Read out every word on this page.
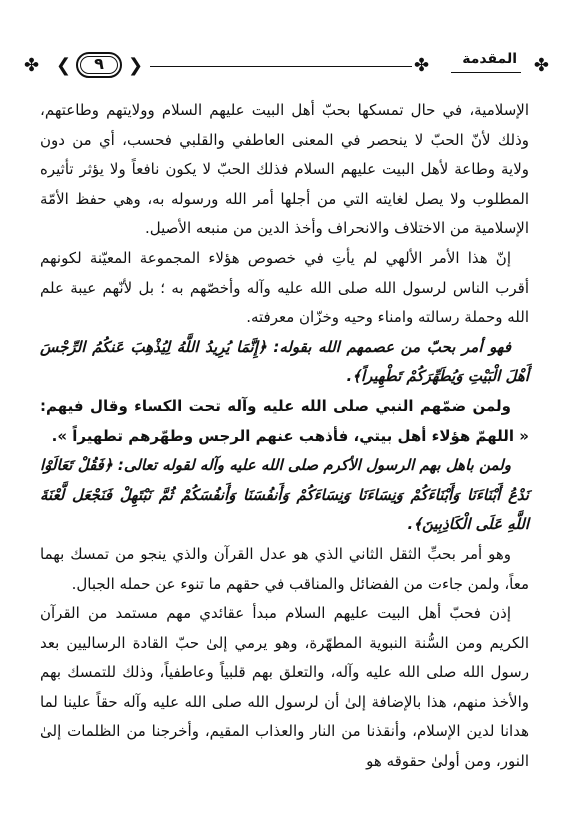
✤ ❮	٩	❯	✤ المقدمة ✤

الإسلامية، في حال تمسكها بحبّ أهل البيت عليهم السلام وولايتهم وطاعتهم، وذلك لأنّ الحبّ لا ينحصر في المعنى العاطفي والقلبي فحسب، أي من دون ولاية وطاعة لأهل البيت عليهم السلام فذلك الحبّ لا يكون نافعاً ولا يؤثر تأثيره المطلوب ولا يصل لغايته التي من أجلها أمر الله ورسوله به، وهي حفظ الأمّة الإسلامية من الاختلاف والانحراف وأخذ الدين من منبعه الأصيل.

إنّ هذا الأمر الألهي لم يأتِ في خصوص هؤلاء المجموعة المعيّنة لكونهم أقرب الناس لرسول الله صلى الله عليه وآله وأخصّهم به ؛ بل لأنّهم عيبة علم الله وحملة رسالته وامناء وحيه وخزّان معرفته.

فهو أمر بحبّ من عصمهم الله بقوله: ﴿إِنَّمَا يُرِيدُ اللَّهُ لِيُذْهِبَ عَنكُمُ الرِّجْسَ أَهْلَ الْبَيْتِ وَيُطَهِّرَكُمْ تَطْهِيراً﴾.

ولمن ضمّهم النبي صلى الله عليه وآله تحت الكساء وقال فيهم: « اللهمّ هؤلاء أهل بيتي، فأذهب عنهم الرجس وطهّرهم تطهيراً ».

ولمن باهل بهم الرسول الأكرم صلى الله عليه وآله لقوله تعالى: ﴿فَقُلْ تَعَالَوْا نَدْعُ أَبْنَاءَنَا وَأَبْنَاءَكُمْ وَنِسَاءَنَا وَنِسَاءَكُمْ وَأَنفُسَنَا وَأَنفُسَكُمْ ثُمَّ نَبْتَهِلْ فَنَجْعَل لَّعْنَةَ اللَّهِ عَلَى الْكَاذِبِينَ﴾.

وهو أمر بحبِّ الثقل الثاني الذي هو عدل القرآن والذي ينجو من تمسك بهما معاً، ولمن جاءت من الفضائل والمناقب في حقهم ما تنوء عن حمله الجبال.

إذن فحبّ أهل البيت عليهم السلام مبدأ عقائدي مهم مستمد من القرآن الكريم ومن السُّنة النبوية المطهّرة، وهو يرمي إلىٰ حبّ القادة الرساليين بعد رسول الله صلى الله عليه وآله، والتعلق بهم قلبياً وعاطفياً، وذلك للتمسك بهم والأخذ منهم، هذا بالإضافة إلىٰ أن لرسول الله صلى الله عليه وآله حقاً علينا لما هدانا لدين الإسلام، وأنقذنا من النار والعذاب المقيم، وأخرجنا من الظلمات إلىٰ النور، ومن أولىٰ حقوقه هو
